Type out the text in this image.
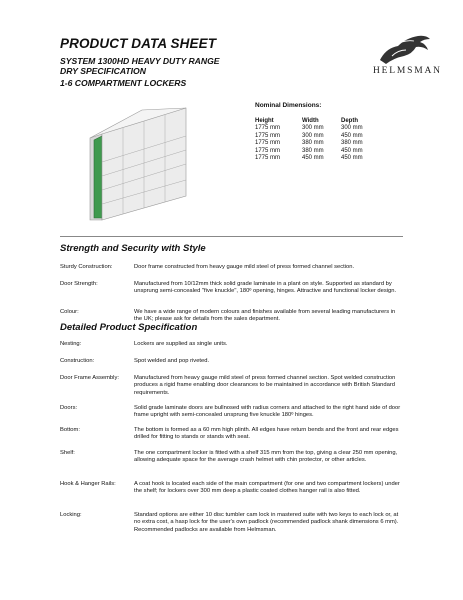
PRODUCT DATA SHEET
SYSTEM 1300HD HEAVY DUTY RANGE
DRY SPECIFICATION
1-6 COMPARTMENT LOCKERS
HELMSMAN
Nominal Dimensions:
Height	Width	Depth
1775 mm	300 mm	300 mm
1775 mm	300 mm	450 mm
1775 mm	380 mm	380 mm
1775 mm	380 mm	450 mm
1775 mm	450 mm	450 mm
Strength and Security with Style
Sturdy Construction:	Door frame constructed from heavy gauge mild steel of press formed channel section.
Door Strength:	Manufactured from 10/12mm thick solid grade laminate in a plant on style. Supported as standard by unsprung semi-concealed "five knuckle", 180º opening, hinges. Attractive and functional locker design.
Colour:	We have a wide range of modern colours and finishes available from several leading manufacturers in the UK; please ask for details from the sales department.
Detailed Product Specification
Nesting:	Lockers are supplied as single units.
Construction:	Spot welded and pop riveted.
Door Frame Assembly:	Manufactured from heavy gauge mild steel of press formed channel section. Spot welded construction produces a rigid frame enabling door clearances to be maintained in accordance with British Standard requirements.
Doors:	Solid grade laminate doors are bullnosed with radius corners and attached to the right hand side of door frame upright with semi-concealed unsprung five knuckle 180º hinges.
Bottom:	The bottom is formed as a 60 mm high plinth. All edges have return bends and the front and rear edges drilled for fitting to stands or stands with seat.
Shelf:	The one compartment locker is fitted with a shelf 315 mm from the top, giving a clear 250 mm opening, allowing adequate space for the average crash helmet with chin protector, or other articles.
Hook & Hanger Rails:	A coat hook is located each side of the main compartment (for one and two compartment lockers) under the shelf; for lockers over 300 mm deep a plastic coated clothes hanger rail is also fitted.
Locking:	Standard options are either 10 disc tumbler cam lock in mastered suite with two keys to each lock or, at no extra cost, a hasp lock for the user's own padlock (recommended padlock shank dimensions 6 mm). Recommended padlocks are available from Helmsman.
